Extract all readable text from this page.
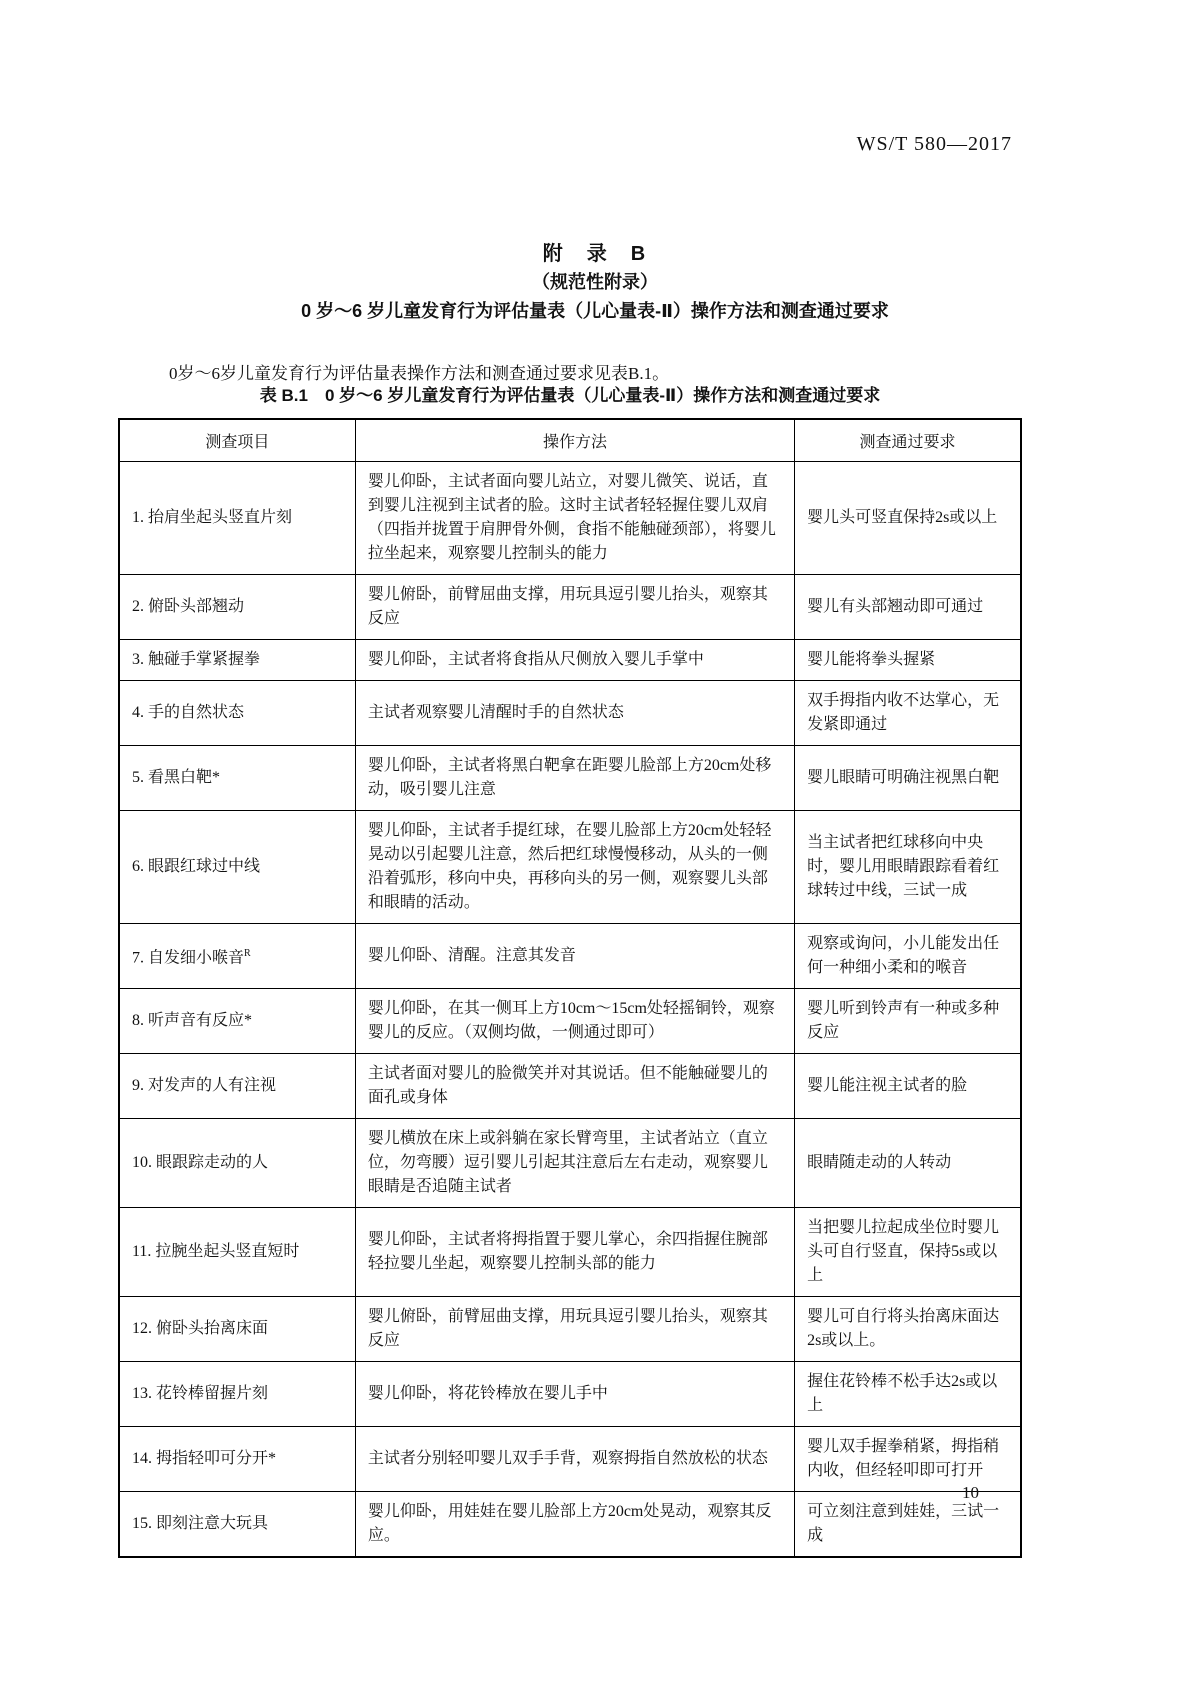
WS/T 580—2017
附　录　B
（规范性附录）
0 岁～6 岁儿童发育行为评估量表（儿心量表-Ⅱ）操作方法和测查通过要求

0岁～6岁儿童发育行为评估量表操作方法和测查通过要求见表B.1。

表 B.1　0 岁～6 岁儿童发育行为评估量表（儿心量表-Ⅱ）操作方法和测查通过要求
测查项目	操作方法	测查通过要求
1. 抬肩坐起头竖直片刻	婴儿仰卧，主试者面向婴儿站立，对婴儿微笑、说话，直到婴儿注视到主试者的脸。这时主试者轻轻握住婴儿双肩（四指并拢置于肩胛骨外侧，食指不能触碰颈部），将婴儿拉坐起来，观察婴儿控制头的能力	婴儿头可竖直保持2s或以上
2. 俯卧头部翘动	婴儿俯卧，前臂屈曲支撑，用玩具逗引婴儿抬头，观察其反应	婴儿有头部翘动即可通过
3. 触碰手掌紧握拳	婴儿仰卧，主试者将食指从尺侧放入婴儿手掌中	婴儿能将拳头握紧
4. 手的自然状态	主试者观察婴儿清醒时手的自然状态	双手拇指内收不达掌心，无发紧即通过
5. 看黑白靶*	婴儿仰卧，主试者将黑白靶拿在距婴儿脸部上方20cm处移动，吸引婴儿注意	婴儿眼睛可明确注视黑白靶
6. 眼跟红球过中线	婴儿仰卧，主试者手提红球，在婴儿脸部上方20cm处轻轻晃动以引起婴儿注意，然后把红球慢慢移动，从头的一侧沿着弧形，移向中央，再移向头的另一侧，观察婴儿头部和眼睛的活动。	当主试者把红球移向中央时，婴儿用眼睛跟踪看着红球转过中线，三试一成
7. 自发细小喉音$^R$	婴儿仰卧、清醒。注意其发音	观察或询问，小儿能发出任何一种细小柔和的喉音
8. 听声音有反应*	婴儿仰卧，在其一侧耳上方10cm～15cm处轻摇铜铃，观察婴儿的反应。（双侧均做，一侧通过即可）	婴儿听到铃声有一种或多种反应
9. 对发声的人有注视	主试者面对婴儿的脸微笑并对其说话。但不能触碰婴儿的面孔或身体	婴儿能注视主试者的脸
10. 眼跟踪走动的人	婴儿横放在床上或斜躺在家长臂弯里，主试者站立（直立位，勿弯腰）逗引婴儿引起其注意后左右走动，观察婴儿眼睛是否追随主试者	眼睛随走动的人转动
11. 拉腕坐起头竖直短时	婴儿仰卧，主试者将拇指置于婴儿掌心，余四指握住腕部轻拉婴儿坐起，观察婴儿控制头部的能力	当把婴儿拉起成坐位时婴儿头可自行竖直，保持5s或以上
12. 俯卧头抬离床面	婴儿俯卧，前臂屈曲支撑，用玩具逗引婴儿抬头，观察其反应	婴儿可自行将头抬离床面达2s或以上。
13. 花铃棒留握片刻	婴儿仰卧，将花铃棒放在婴儿手中	握住花铃棒不松手达2s或以上
14. 拇指轻叩可分开*	主试者分别轻叩婴儿双手手背，观察拇指自然放松的状态	婴儿双手握拳稍紧，拇指稍内收，但经轻叩即可打开
15. 即刻注意大玩具	婴儿仰卧，用娃娃在婴儿脸部上方20cm处晃动，观察其反应。	可立刻注意到娃娃，三试一成
10
